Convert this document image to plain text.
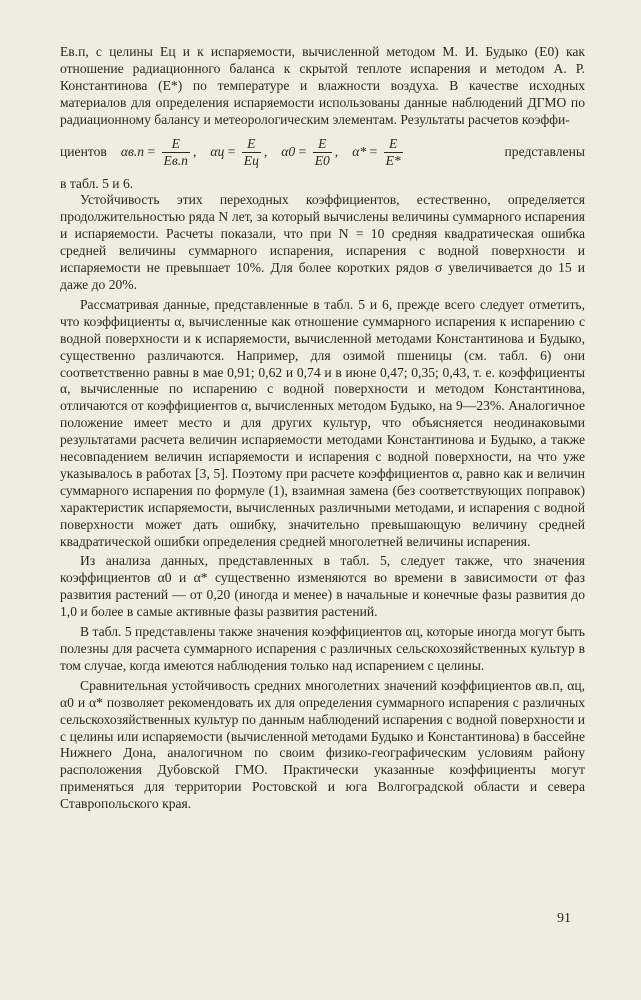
Eв.п, с целины Eц и к испаряемости, вычисленной методом М. И. Будыко (E0) как отношение радиационного баланса к скрытой теплоте испарения и методом А. Р. Константинова (E*) по температуре и влажности воздуха. В качестве исходных материалов для определения испаряемости использованы данные наблюдений ДГМО по радиационному балансу и метеорологическим элементам. Результаты расчетов коэффи-

циентов $\alpha в.п = \frac{E}{Eв.п}$ , $\alpha ц = \frac{E}{Eц}$ , $\alpha 0 = \frac{E}{E0}$ , $\alpha* = \frac{E}{E*}$	представлены

в табл. 5 и 6.

Устойчивость этих переходных коэффициентов, естественно, определяется продолжительностью ряда N лет, за который вычислены величины суммарного испарения и испаряемости. Расчеты показали, что при N = 10 средняя квадратическая ошибка средней величины суммарного испарения, испарения с водной поверхности и испаряемости не превышает 10%. Для более коротких рядов σ увеличивается до 15 и даже до 20%.

Рассматривая данные, представленные в табл. 5 и 6, прежде всего следует отметить, что коэффициенты α, вычисленные как отношение суммарного испарения к испарению с водной поверхности и к испаряемости, вычисленной методами Константинова и Будыко, существенно различаются. Например, для озимой пшеницы (см. табл. 6) они соответственно равны в мае 0,91; 0,62 и 0,74 и в июне 0,47; 0,35; 0,43, т. е. коэффициенты α, вычисленные по испарению с водной поверхности и методом Константинова, отличаются от коэффициентов α, вычисленных методом Будыко, на 9—23%. Аналогичное положение имеет место и для других культур, что объясняется неодинаковыми результатами расчета величин испаряемости методами Константинова и Будыко, а также несовпадением величин испаряемости и испарения с водной поверхности, на что уже указывалось в работах [3, 5]. Поэтому при расчете коэффициентов α, равно как и величин суммарного испарения по формуле (1), взаимная замена (без соответствующих поправок) характеристик испаряемости, вычисленных различными методами, и испарения с водной поверхности может дать ошибку, значительно превышающую величину средней квадратической ошибки определения средней многолетней величины испарения.

Из анализа данных, представленных в табл. 5, следует также, что значения коэффициентов α0 и α* существенно изменяются во времени в зависимости от фаз развития растений — от 0,20 (иногда и менее) в начальные и конечные фазы развития до 1,0 и более в самые активные фазы развития растений.

В табл. 5 представлены также значения коэффициентов αц, которые иногда могут быть полезны для расчета суммарного испарения с различных сельскохозяйственных культур в том случае, когда имеются наблюдения только над испарением с целины.

Сравнительная устойчивость средних многолетних значений коэффициентов αв.п, αц, α0 и α* позволяет рекомендовать их для определения суммарного испарения с различных сельскохозяйственных культур по данным наблюдений испарения с водной поверхности и с целины или испаряемости (вычисленной методами Будыко и Константинова) в бассейне Нижнего Дона, аналогичном по своим физико-географическим условиям району расположения Дубовской ГМО. Практически указанные коэффициенты могут применяться для территории Ростовской и юга Волгоградской области и севера Ставропольского края.

91
